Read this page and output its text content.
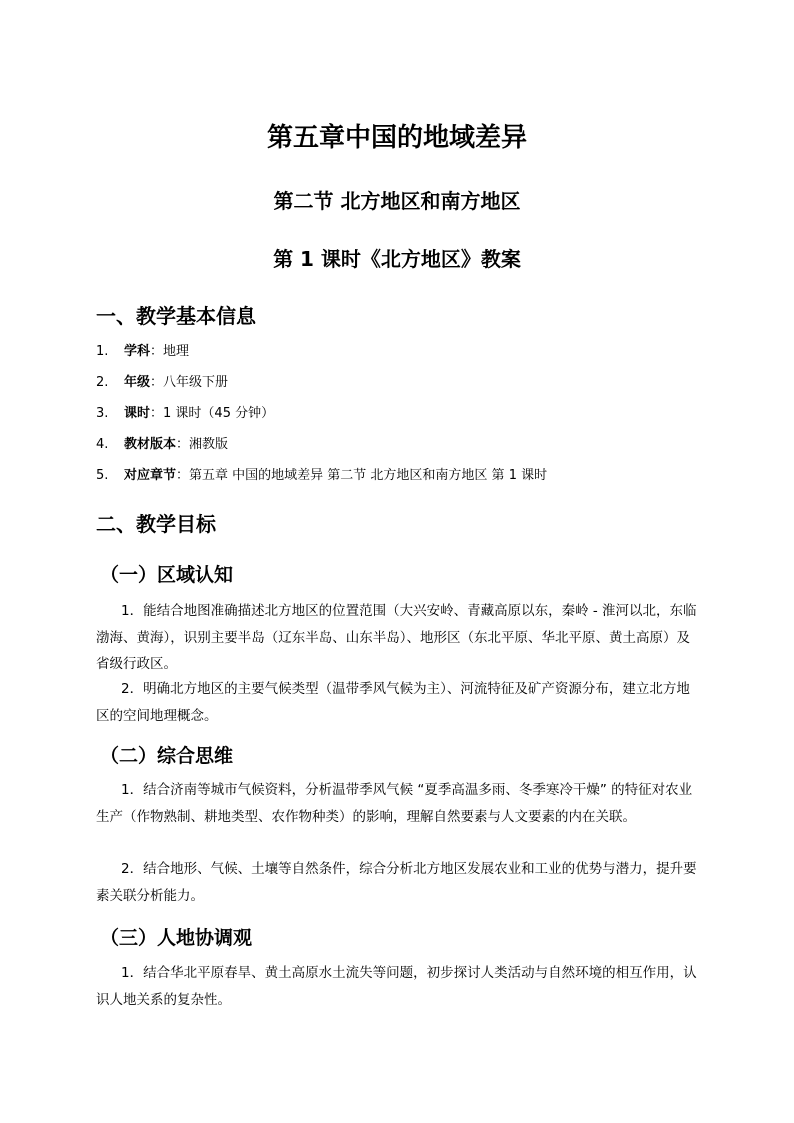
第五章中国的地域差异
第二节 北方地区和南方地区
第 1 课时《北方地区》教案
一、教学基本信息
1. 学科：地理
2. 年级：八年级下册
3. 课时：1 课时（45 分钟）
4. 教材版本：湘教版
5. 对应章节：第五章 中国的地域差异 第二节 北方地区和南方地区 第 1 课时
二、教学目标
（一）区域认知

1．能结合地图准确描述北方地区的位置范围（大兴安岭、青藏高原以东，秦岭 - 淮河以北，东临渤海、黄海），识别主要半岛（辽东半岛、山东半岛）、地形区（东北平原、华北平原、黄土高原）及省级行政区。

2．明确北方地区的主要气候类型（温带季风气候为主）、河流特征及矿产资源分布，建立北方地区的空间地理概念。

（二）综合思维

1．结合济南等城市气候资料，分析温带季风气候 “夏季高温多雨、冬季寒冷干燥” 的特征对农业生产（作物熟制、耕地类型、农作物种类）的影响，理解自然要素与人文要素的内在关联。

2．结合地形、气候、土壤等自然条件，综合分析北方地区发展农业和工业的优势与潜力，提升要素关联分析能力。

（三）人地协调观

1．结合华北平原春旱、黄土高原水土流失等问题，初步探讨人类活动与自然环境的相互作用，认识人地关系的复杂性。
